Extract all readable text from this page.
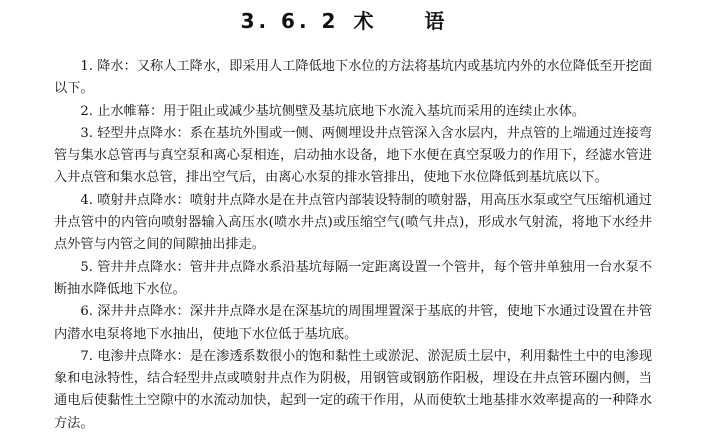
3. 6. 2 术 语

1. 降水：又称人工降水，即采用人工降低地下水位的方法将基坑内或基坑内外的水位降低至开挖面以下。

2. 止水帷幕：用于阻止或减少基坑侧壁及基坑底地下水流入基坑而采用的连续止水体。

3. 轻型井点降水：系在基坑外围或一侧、两侧埋设井点管深入含水层内，井点管的上端通过连接弯管与集水总管再与真空泵和离心泵相连，启动抽水设备，地下水便在真空泵吸力的作用下，经滤水管进入井点管和集水总管，排出空气后，由离心水泵的排水管排出，使地下水位降低到基坑底以下。

4. 喷射井点降水：喷射井点降水是在井点管内部装设特制的喷射器，用高压水泵或空气压缩机通过井点管中的内管向喷射器输入高压水(喷水井点)或压缩空气(喷气井点)，形成水气射流，将地下水经井点外管与内管之间的间隙抽出排走。

5. 管井井点降水：管井井点降水系沿基坑每隔一定距离设置一个管井，每个管井单独用一台水泵不断抽水降低地下水位。

6. 深井井点降水：深井井点降水是在深基坑的周围埋置深于基底的井管，使地下水通过设置在井管内潜水电泵将地下水抽出，使地下水位低于基坑底。

7. 电渗井点降水：是在渗透系数很小的饱和黏性土或淤泥、淤泥质土层中，利用黏性土中的电渗现象和电泳特性，结合轻型井点或喷射井点作为阴极，用钢管或钢筋作阳极，埋设在井点管环圈内侧，当通电后使黏性土空隙中的水流动加快，起到一定的疏干作用，从而使软土地基排水效率提高的一种降水方法。
